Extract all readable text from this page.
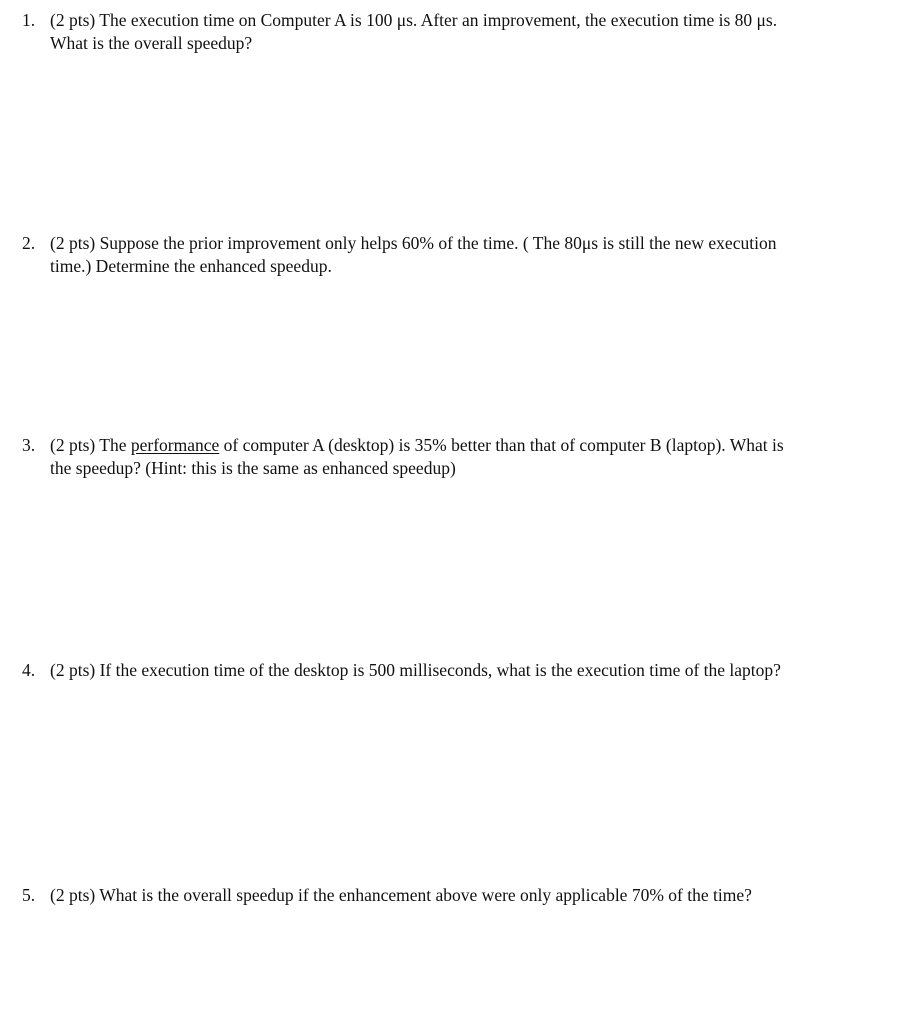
1. (2 pts) The execution time on Computer A is 100 μs. After an improvement, the execution time is 80 μs.
What is the overall speedup?
2. (2 pts) Suppose the prior improvement only helps 60% of the time. ( The 80μs is still the new execution
time.) Determine the enhanced speedup.
3. (2 pts) The performance of computer A (desktop) is 35% better than that of computer B (laptop). What is
the speedup? (Hint: this is the same as enhanced speedup)
4. (2 pts) If the execution time of the desktop is 500 milliseconds, what is the execution time of the laptop?
5. (2 pts) What is the overall speedup if the enhancement above were only applicable 70% of the time?
